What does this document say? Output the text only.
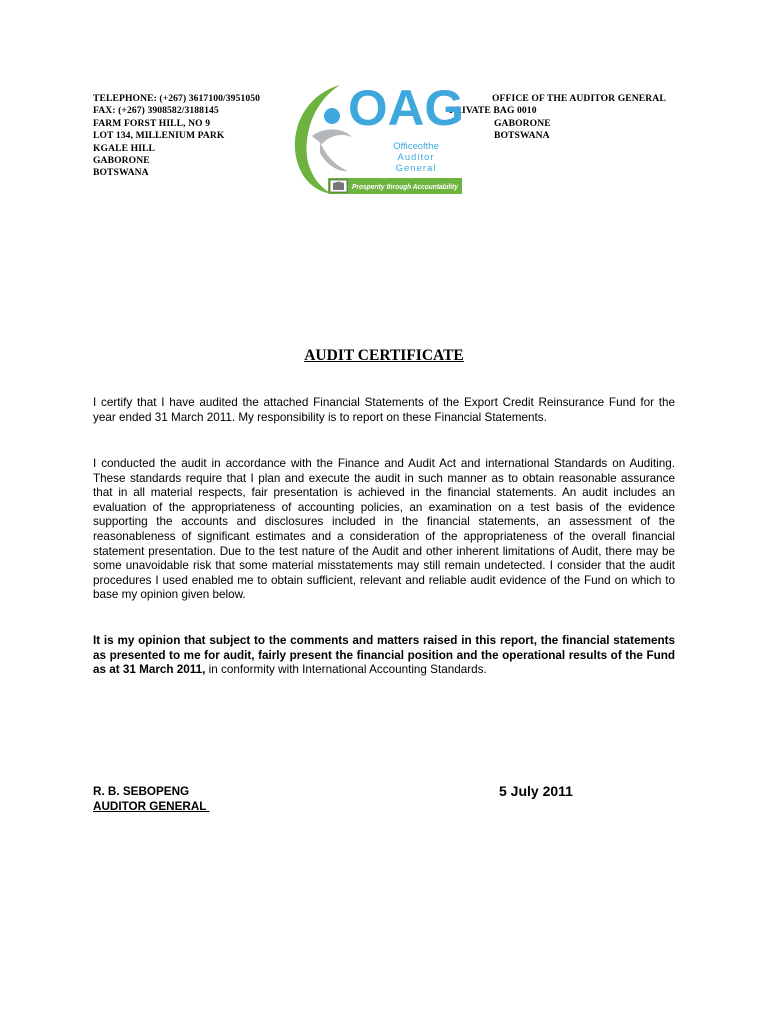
TELEPHONE: (+267) 3617100/3951050
FAX: (+267) 3908582/3188145
FARM FORST HILL, NO 9
LOT 134, MILLENIUM PARK
KGALE HILL
GABORONE
BOTSWANA
OFFICE OF THE AUDITOR GENERAL
PRIVATE BAG 0010
GABORONE
BOTSWANA
OAG
Officeofthe
Auditor
General
Prosperity through Accountability
AUDIT CERTIFICATE

I certify that I have audited the attached Financial Statements of the Export Credit Reinsurance Fund for the year ended 31 March 2011. My responsibility is to report on these Financial Statements.

I conducted the audit in accordance with the Finance and Audit Act and international Standards on Auditing. These standards require that I plan and execute the audit in such manner as to obtain reasonable assurance that in all material respects, fair presentation is achieved in the financial statements. An audit includes an evaluation of the appropriateness of accounting policies, an examination on a test basis of the evidence supporting the accounts and disclosures included in the financial statements, an assessment of the reasonableness of significant estimates and a consideration of the appropriateness of the overall financial statement presentation. Due to the test nature of the Audit and other inherent limitations of Audit, there may be some unavoidable risk that some material misstatements may still remain undetected. I consider that the audit procedures I used enabled me to obtain sufficient, relevant and reliable audit evidence of the Fund on which to base my opinion given below.

It is my opinion that subject to the comments and matters raised in this report, the financial statements as presented to me for audit, fairly present the financial position and the operational results of the Fund as at 31 March 2011, in conformity with International Accounting Standards.

R. B. SEBOPENG
AUDITOR GENERAL
5 July 2011
